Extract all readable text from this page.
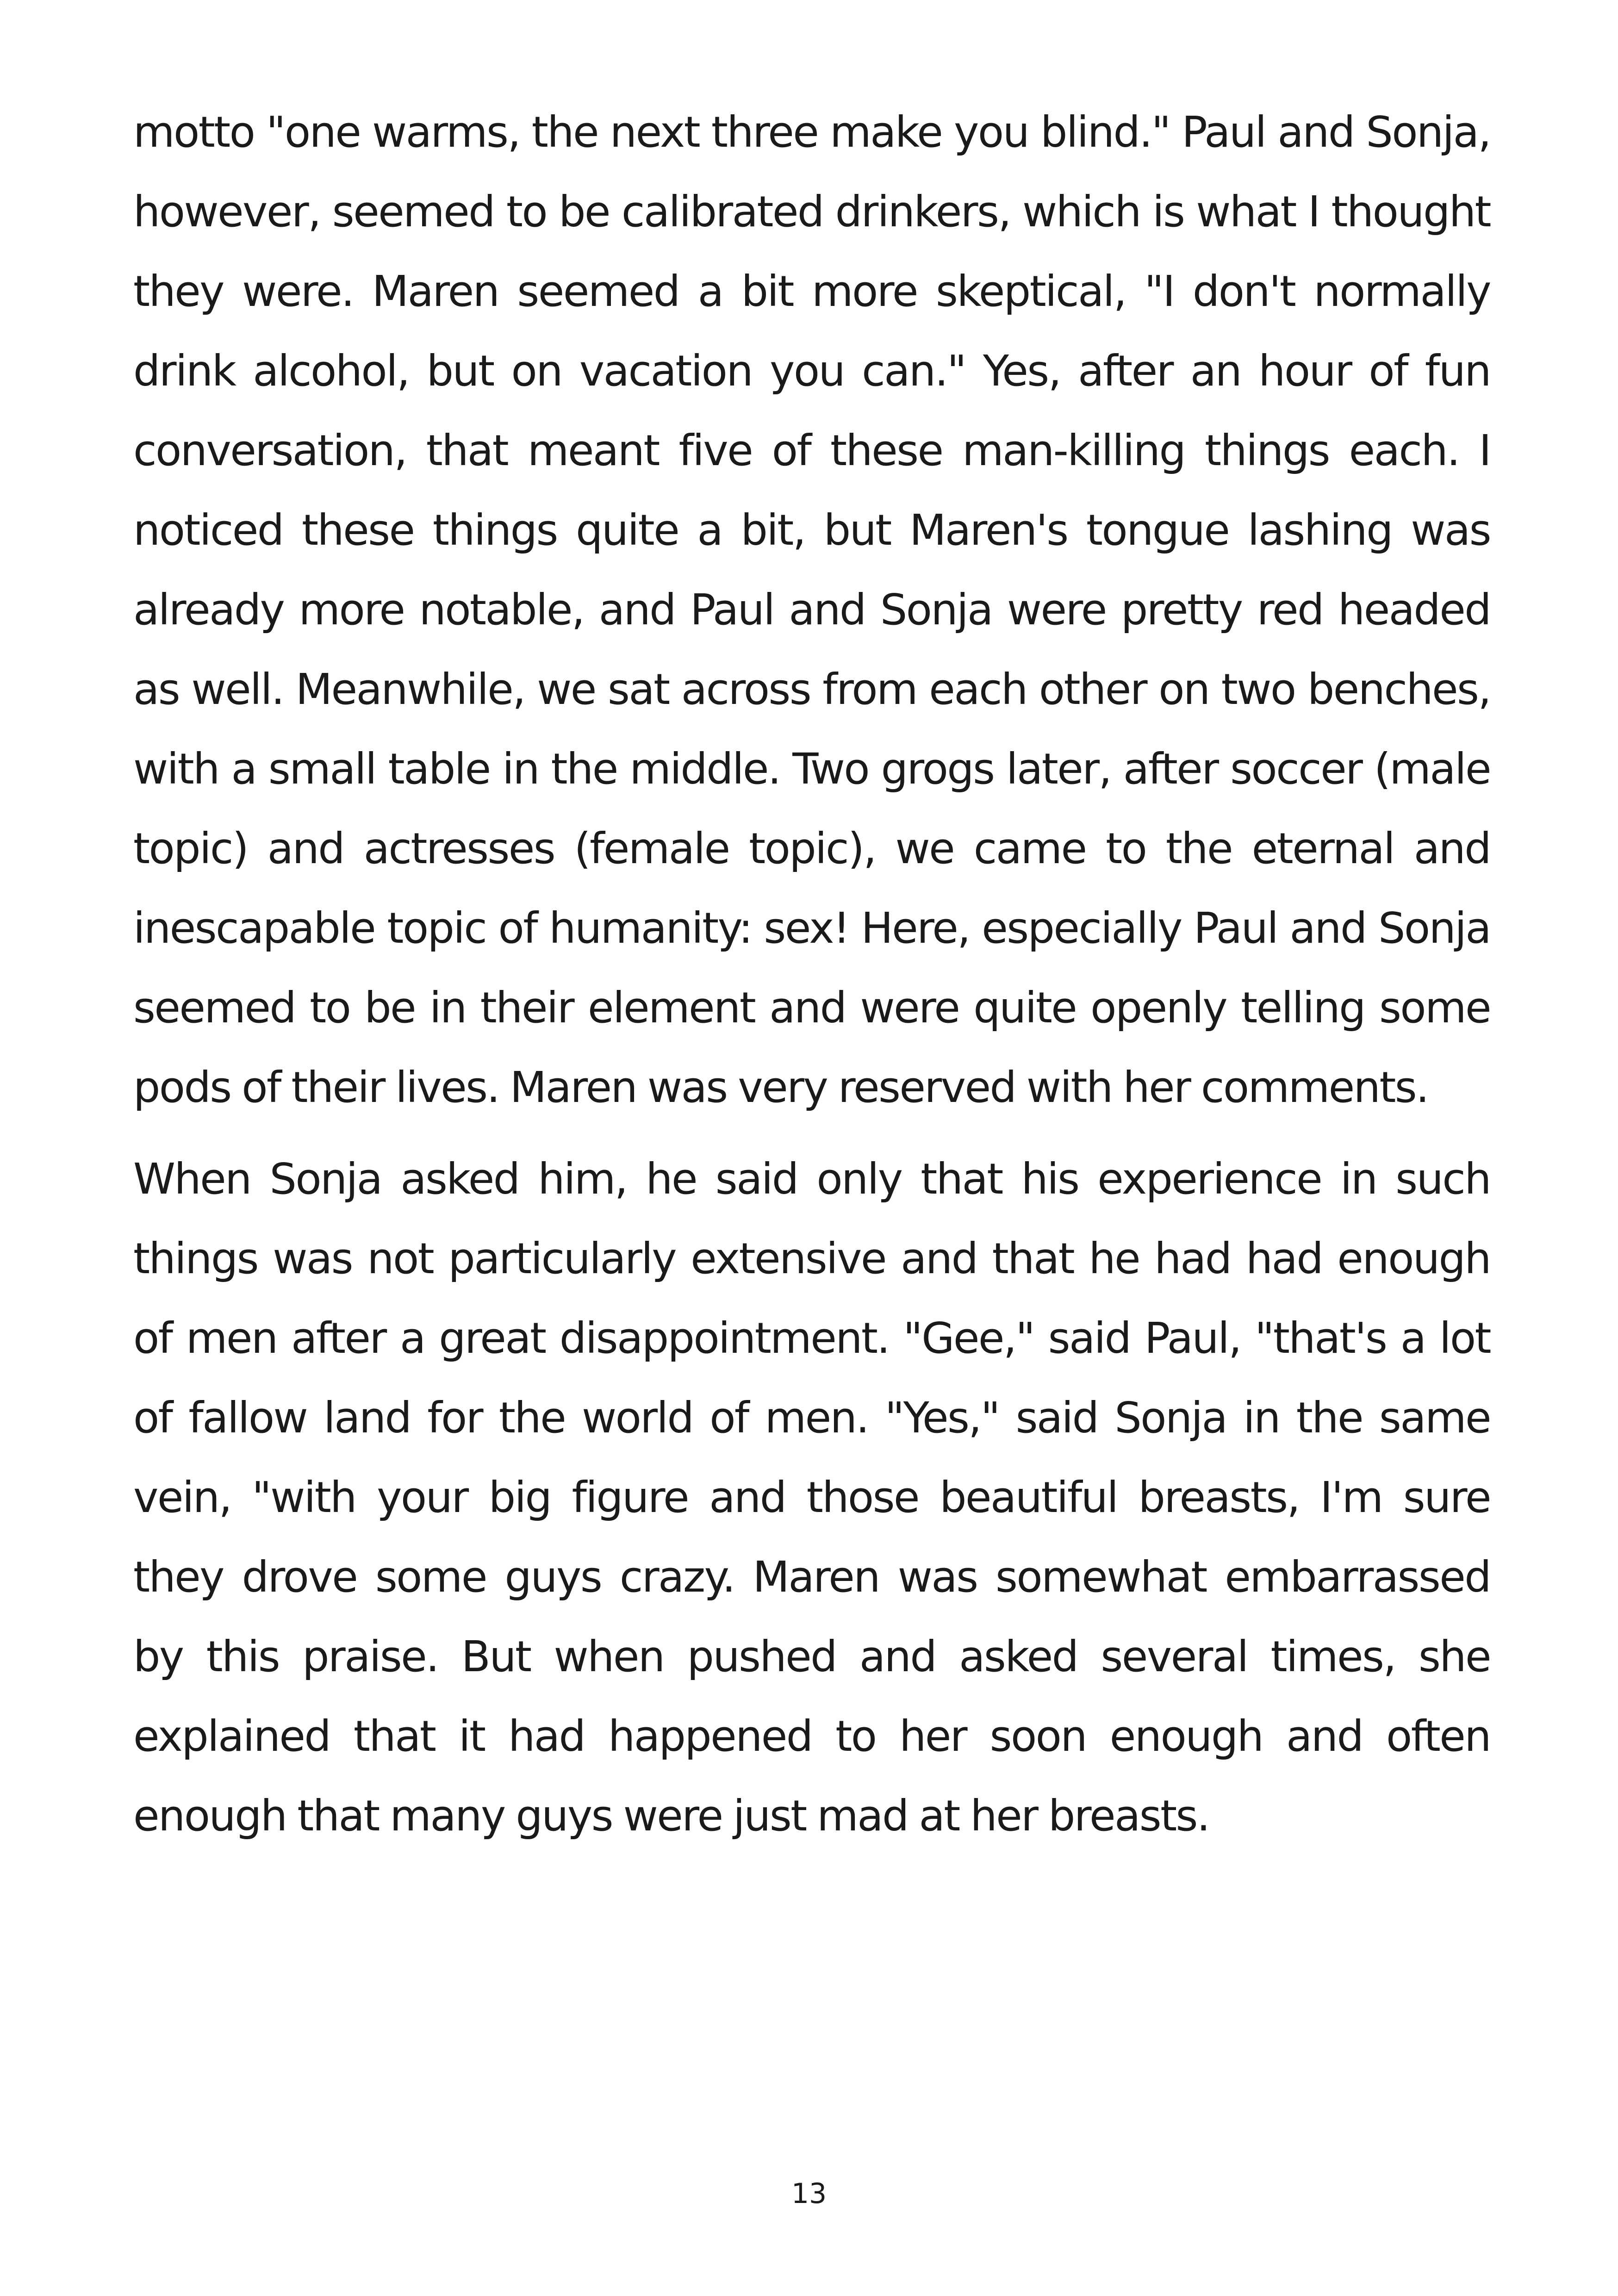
motto "one warms, the next three make you blind." Paul and Sonja, however, seemed to be calibrated drinkers, which is what I thought they were. Maren seemed a bit more skeptical, "I don't normally drink alcohol, but on vacation you can." Yes, after an hour of fun conversation, that meant five of these man-killing things each. I noticed these things quite a bit, but Maren's tongue lashing was already more notable, and Paul and Sonja were pretty red headed as well. Meanwhile, we sat across from each other on two benches, with a small table in the middle. Two grogs later, after soccer (male topic) and actresses (female topic), we came to the eternal and inescapable topic of humanity: sex! Here, especially Paul and Sonja seemed to be in their element and were quite openly telling some pods of their lives. Maren was very reserved with her comments.

When Sonja asked him, he said only that his experience in such things was not particularly extensive and that he had had enough of men after a great disappointment. "Gee," said Paul, "that's a lot of fallow land for the world of men. "Yes," said Sonja in the same vein, "with your big figure and those beautiful breasts, I'm sure they drove some guys crazy. Maren was somewhat embarrassed by this praise. But when pushed and asked several times, she explained that it had happened to her soon enough and often enough that many guys were just mad at her breasts.

13
